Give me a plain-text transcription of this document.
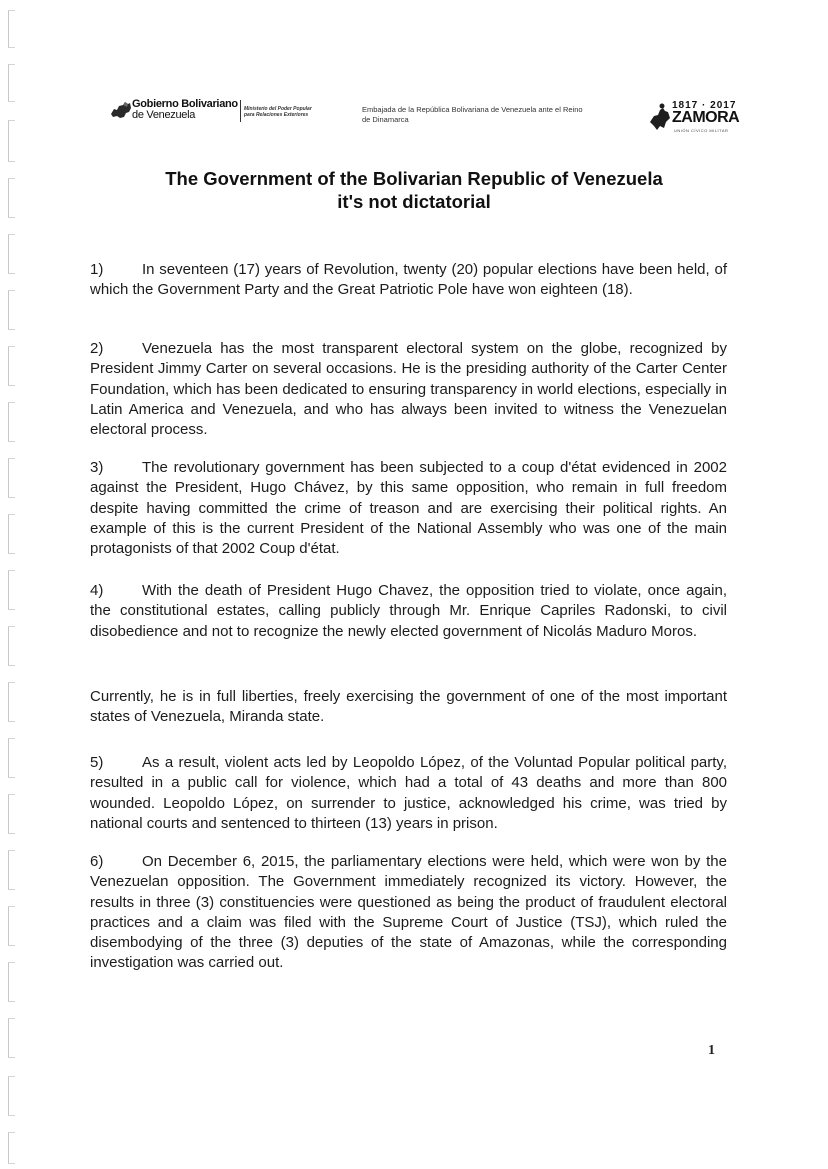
Gobierno Bolivariano
de Venezuela	Ministerio del Poder Popular
para Relaciones Exteriores
Embajada de la República Bolivariana de Venezuela ante el Reino
de Dinamarca
1817 · 2017
ZAMORA
UNIÓN CÍVICO MILITAR
The Government of the Bolivarian Republic of Venezuela
it's not dictatorial
1)	In seventeen (17) years of Revolution, twenty (20) popular elections have been held, of which the Government Party and the Great Patriotic Pole have won eighteen (18).
2)	Venezuela has the most transparent electoral system on the globe, recognized by President Jimmy Carter on several occasions. He is the presiding authority of the Carter Center Foundation, which has been dedicated to ensuring transparency in world elections, especially in Latin America and Venezuela, and who has always been invited to witness the Venezuelan electoral process.
3)	The revolutionary government has been subjected to a coup d'état evidenced in 2002 against the President, Hugo Chávez, by this same opposition, who remain in full freedom despite having committed the crime of treason and are exercising their political rights. An example of this is the current President of the National Assembly who was one of the main protagonists of that 2002 Coup d'état.
4)	With the death of President Hugo Chavez, the opposition tried to violate, once again, the constitutional estates, calling publicly through Mr. Enrique Capriles Radonski, to civil disobedience and not to recognize the newly elected government of Nicolás Maduro Moros.
Currently, he is in full liberties, freely exercising the government of one of the most important states of Venezuela, Miranda state.
5)	As a result, violent acts led by Leopoldo López, of the Voluntad Popular political party, resulted in a public call for violence, which had a total of 43 deaths and more than 800 wounded. Leopoldo López, on surrender to justice, acknowledged his crime, was tried by national courts and sentenced to thirteen (13) years in prison.
6)	On December 6, 2015, the parliamentary elections were held, which were won by the Venezuelan opposition. The Government immediately recognized its victory. However, the results in three (3) constituencies were questioned as being the product of fraudulent electoral practices and a claim was filed with the Supreme Court of Justice (TSJ), which ruled the disembodying of the three (3) deputies of the state of Amazonas, while the corresponding investigation was carried out.
1
